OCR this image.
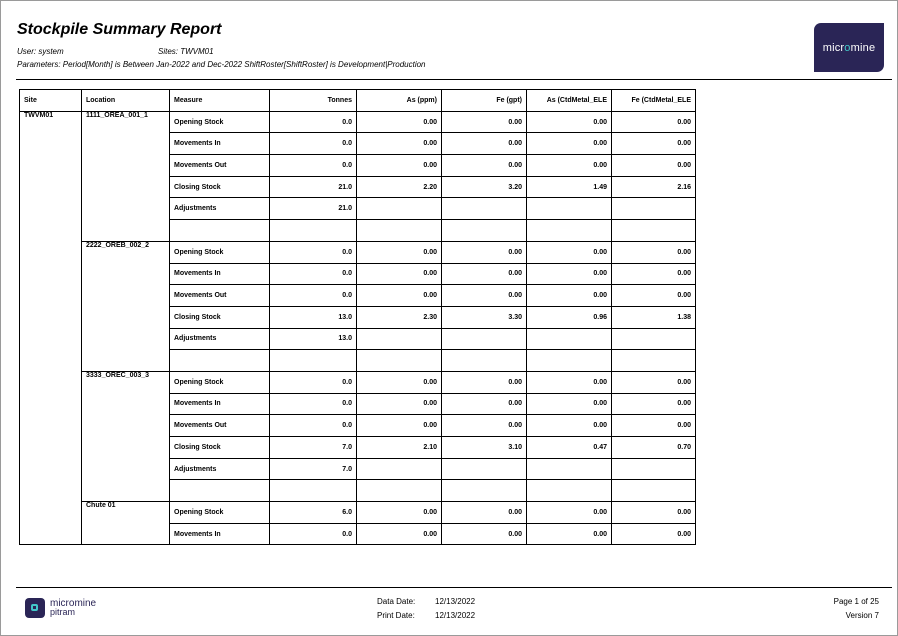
Stockpile Summary Report
User: system	Sites: TWVM01
Parameters: Period[Month] is Between Jan-2022 and Dec-2022 ShiftRoster[ShiftRoster] is Development|Production
micromine
Site	Location	Measure	Tonnes	As (ppm)	Fe (gpt)	As (CtdMetal_ELE	Fe (CtdMetal_ELE
TWVM01	1111_OREA_001_1	Opening Stock	0.0	0.00	0.00	0.00	0.00
		Movements In	0.0	0.00	0.00	0.00	0.00
		Movements Out	0.0	0.00	0.00	0.00	0.00
		Closing Stock	21.0	2.20	3.20	1.49	2.16
		Adjustments	21.0				

	2222_OREB_002_2	Opening Stock	0.0	0.00	0.00	0.00	0.00
		Movements In	0.0	0.00	0.00	0.00	0.00
		Movements Out	0.0	0.00	0.00	0.00	0.00
		Closing Stock	13.0	2.30	3.30	0.96	1.38
		Adjustments	13.0				

	3333_OREC_003_3	Opening Stock	0.0	0.00	0.00	0.00	0.00
		Movements In	0.0	0.00	0.00	0.00	0.00
		Movements Out	0.0	0.00	0.00	0.00	0.00
		Closing Stock	7.0	2.10	3.10	0.47	0.70
		Adjustments	7.0				

	Chute 01	Opening Stock	6.0	0.00	0.00	0.00	0.00
		Movements In	0.0	0.00	0.00	0.00	0.00
micromine
pitram
Data Date: 12/13/2022
Print Date:	12/13/2022
Page 1 of 25
Version 7
